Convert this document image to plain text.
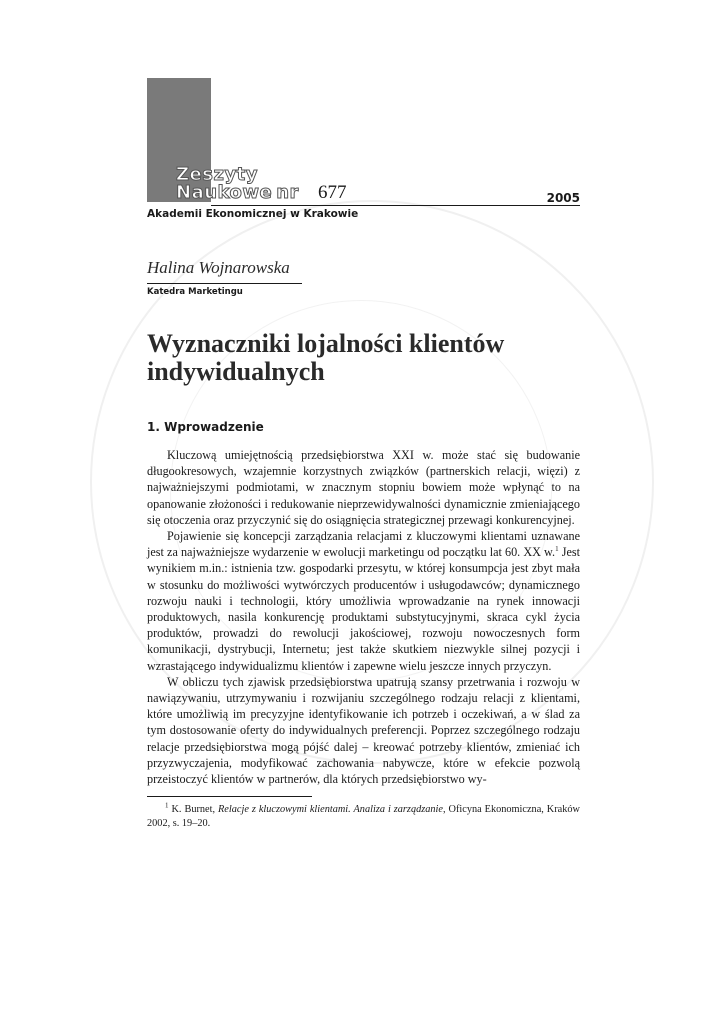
Zeszyty
Naukowe nr 677	2005
Akademii Ekonomicznej w Krakowie
Halina Wojnarowska
Katedra Marketingu
Wyznaczniki lojalności klientów indywidualnych
1. Wprowadzenie

Kluczową umiejętnością przedsiębiorstwa XXI w. może stać się budowanie długookresowych, wzajemnie korzystnych związków (partnerskich relacji, więzi) z najważniejszymi podmiotami, w znacznym stopniu bowiem może wpłynąć to na opanowanie złożoności i redukowanie nieprzewidywalności dynamicznie zmieniającego się otoczenia oraz przyczynić się do osiągnięcia strategicznej przewagi konkurencyjnej.

Pojawienie się koncepcji zarządzania relacjami z kluczowymi klientami uznawane jest za najważniejsze wydarzenie w ewolucji marketingu od początku lat 60. XX w.$^1$ Jest wynikiem m.in.: istnienia tzw. gospodarki przesytu, w której konsumpcja jest zbyt mała w stosunku do możliwości wytwórczych producentów i usługodawców; dynamicznego rozwoju nauki i technologii, który umożliwia wprowadzanie na rynek innowacji produktowych, nasila konkurencję produktami substytucyjnymi, skraca cykl życia produktów, prowadzi do rewolucji jakościowej, rozwoju nowoczesnych form komunikacji, dystrybucji, Internetu; jest także skutkiem niezwykle silnej pozycji i wzrastającego indywidualizmu klientów i zapewne wielu jeszcze innych przyczyn.

W obliczu tych zjawisk przedsiębiorstwa upatrują szansy przetrwania i rozwoju w nawiązywaniu, utrzymywaniu i rozwijaniu szczególnego rodzaju relacji z klientami, które umożliwią im precyzyjne identyfikowanie ich potrzeb i oczekiwań, a w ślad za tym dostosowanie oferty do indywidualnych preferencji. Poprzez szczególnego rodzaju relacje przedsiębiorstwa mogą pójść dalej – kreować potrzeby klientów, zmieniać ich przyzwyczajenia, modyfikować zachowania nabywcze, które w efekcie pozwolą przeistoczyć klientów w partnerów, dla których przedsiębiorstwo wy-

$^1$ K. Burnet, Relacje z kluczowymi klientami. Analiza i zarządzanie, Oficyna Ekonomiczna, Kraków 2002, s. 19–20.
